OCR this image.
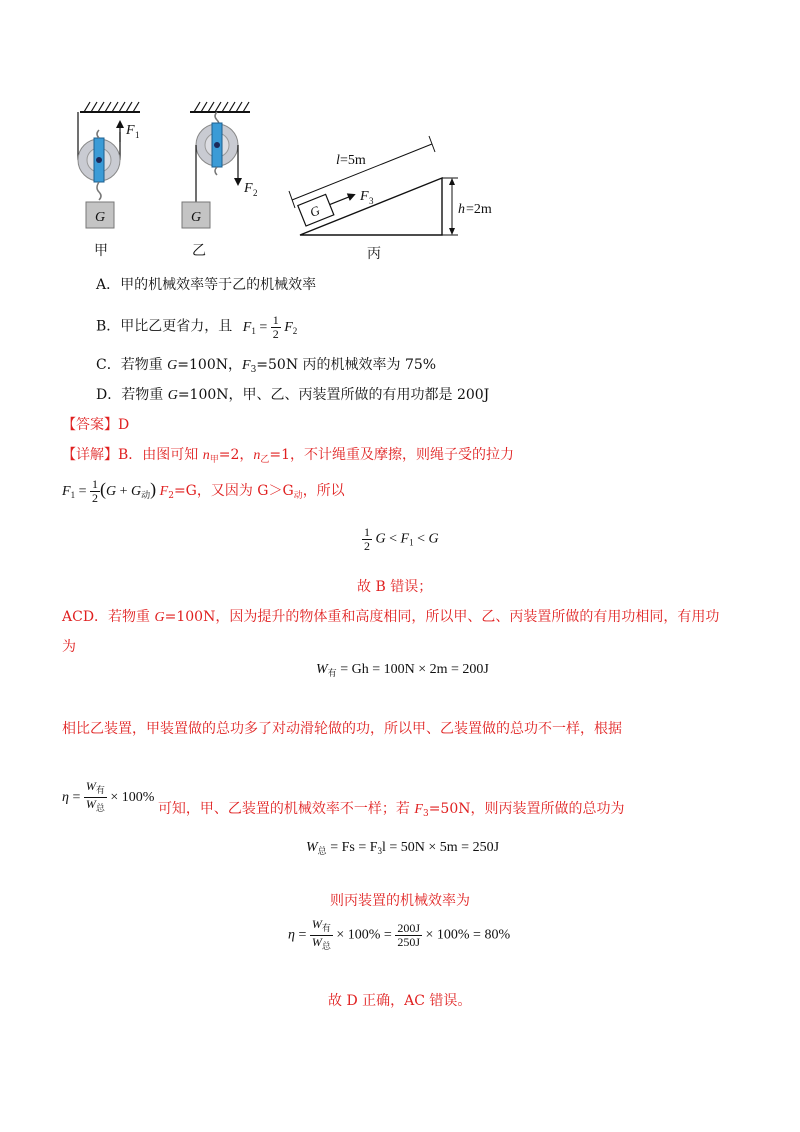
G
F 1
G
F 2
G
F 3
l =5m
h =2m
甲	乙	丙
A．甲的机械效率等于乙的机械效率
B．甲比乙更省力，且 $F_1 = \frac{1}{2} F_2$
C．若物重 G=100N，$F_3=50N$ 丙的机械效率为 75%
D．若物重 G=100N，甲、乙、丙装置所做的有用功都是 200J
【答案】D
【详解】B．由图可知 $n_甲=2$，$n_乙=1$，不计绳重及摩擦，则绳子受的拉力
$F_1 = \frac{1}{2} (G + G_动)$ $F_2=G$，又因为 $G>G_动$，所以
$\frac{1}{2}$ $G < F_1 < G$
故 B 错误；
ACD．若物重 G=100N，因为提升的物体重和高度相同，所以甲、乙、丙装置所做的有用功相同，有用功
为
$W_有 = Gh = 100N \times 2m = 200J$
相比乙装置，甲装置做的总功多了对动滑轮做的功，所以甲、乙装置做的总功不一样，根据
$\eta = \frac{W_有}{W_总} \times 100\%$ 可知，甲、乙装置的机械效率不一样；若 $F_3=50N$，则丙装置所做的总功为
$W_总 = Fs = F_3l = 50N \times 5m = 250J$
则丙装置的机械效率为
$\eta = \frac{W_有}{W_总} \times 100\% = \frac{200J}{250J} \times 100\% = 80\%$
故 D 正确，AC 错误。
